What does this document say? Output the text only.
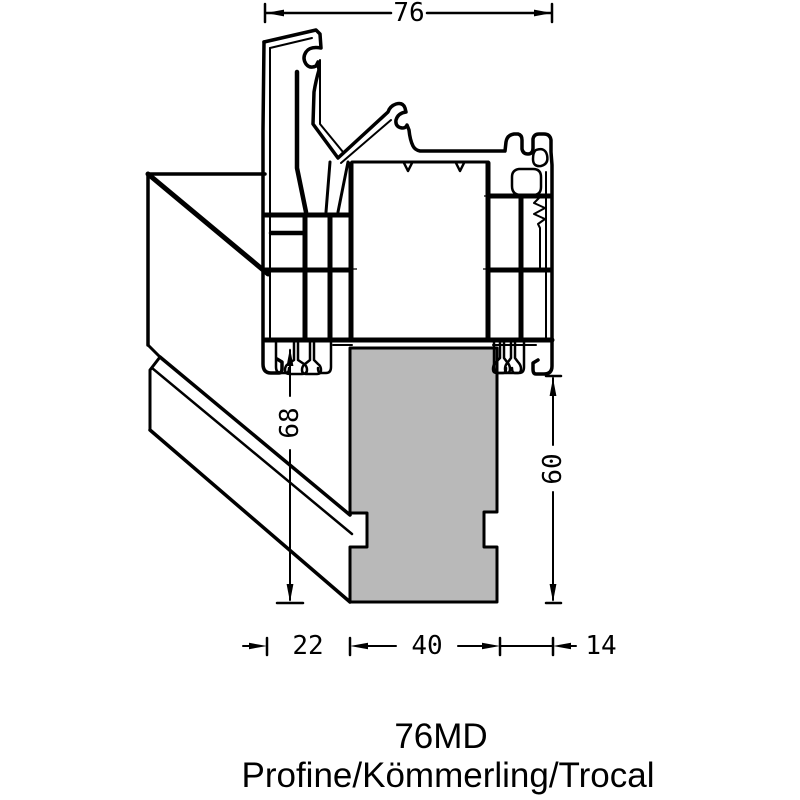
76
68
60
22	40	14
76MD
Profine/Kömmerling/Trocal
